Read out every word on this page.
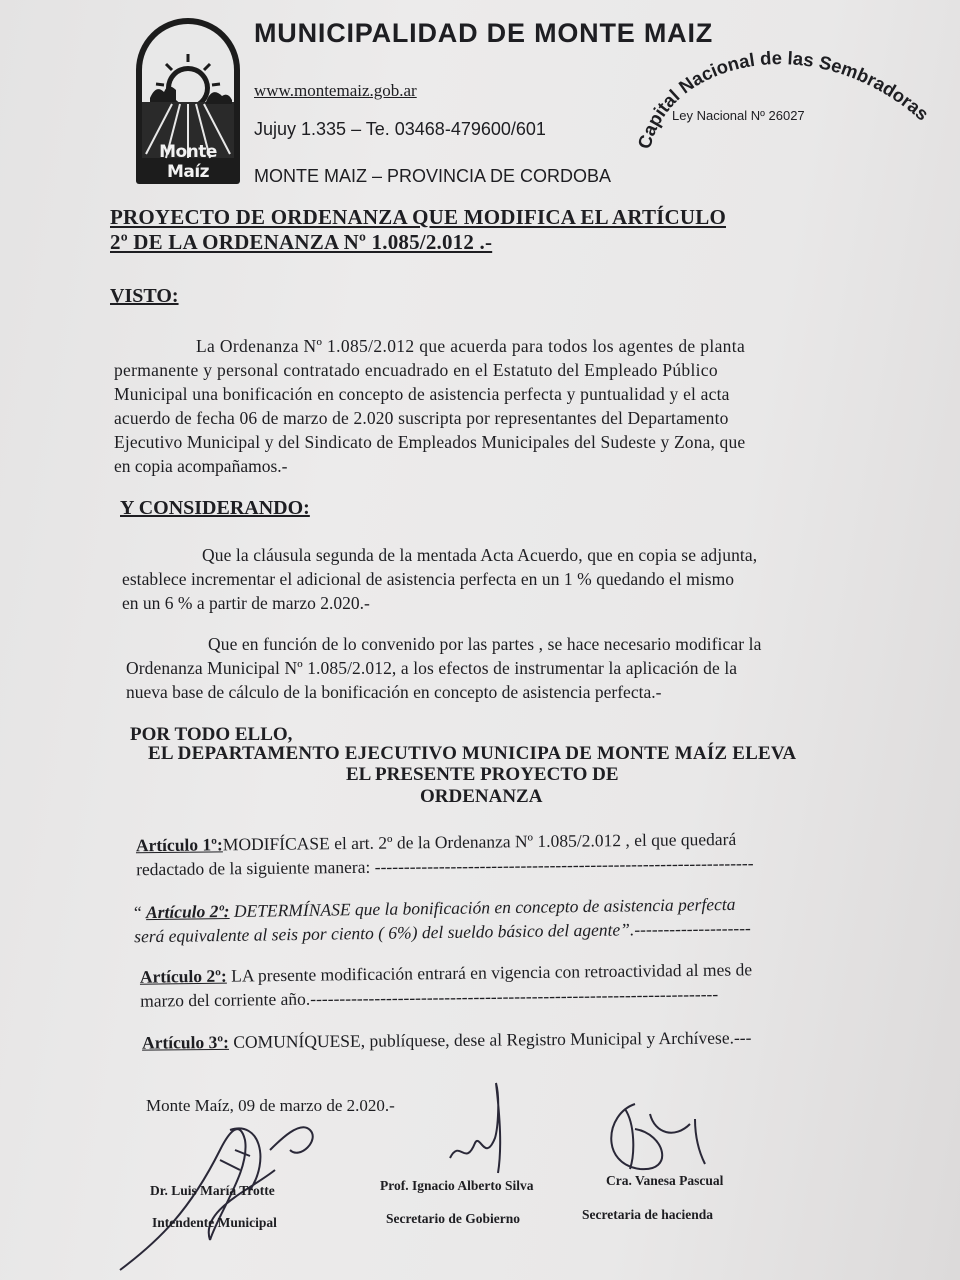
Monte Maíz
MUNICIPALIDAD DE MONTE MAIZ
www.montemaiz.gob.ar
Jujuy 1.335 – Te. 03468-479600/601
MONTE MAIZ – PROVINCIA DE CORDOBA
Capital Nacional de las Sembradoras
Ley Nacional Nº 26027
PROYECTO DE ORDENANZA QUE MODIFICA EL ARTÍCULO
2º DE LA ORDENANZA Nº 1.085/2.012 .-
VISTO:
La Ordenanza Nº 1.085/2.012 que acuerda para todos los agentes de planta
permanente y personal contratado encuadrado en el Estatuto del Empleado Público
Municipal una bonificación en concepto de asistencia perfecta y puntualidad y el acta
acuerdo de fecha 06 de marzo de 2.020 suscripta por representantes del Departamento
Ejecutivo Municipal y del Sindicato de Empleados Municipales del Sudeste y Zona, que
en copia acompañamos.-
Y CONSIDERANDO:
Que la cláusula segunda de la mentada Acta Acuerdo, que en copia se adjunta,
establece incrementar el adicional de asistencia perfecta en un 1 % quedando el mismo
en un 6 % a partir de marzo 2.020.-
Que en función de lo convenido por las partes , se hace necesario modificar la
Ordenanza Municipal Nº 1.085/2.012, a los efectos de instrumentar la aplicación de la
nueva base de cálculo de la bonificación en concepto de asistencia perfecta.-
POR TODO ELLO,
EL DEPARTAMENTO EJECUTIVO MUNICIPA DE MONTE MAÍZ ELEVA
EL PRESENTE PROYECTO DE
ORDENANZA
Artículo 1º:MODIFÍCASE el art. 2º de la Ordenanza Nº 1.085/2.012 , el que quedará
redactado de la siguiente manera: -----------------------------------------------------------------
“ Artículo 2º: DETERMÍNASE que la bonificación en concepto de asistencia perfecta
será equivalente al seis por ciento ( 6%) del sueldo básico del agente”.--------------------
Artículo 2º: LA presente modificación entrará en vigencia con retroactividad al mes de
marzo del corriente año.----------------------------------------------------------------------
Artículo 3º: COMUNÍQUESE, publíquese, dese al Registro Municipal y Archívese.---
Monte Maíz, 09 de marzo de 2.020.-
Dr. Luis María Trotte
Intendente Municipal
Prof. Ignacio Alberto Silva
Secretario de Gobierno
Cra. Vanesa Pascual
Secretaria de hacienda
